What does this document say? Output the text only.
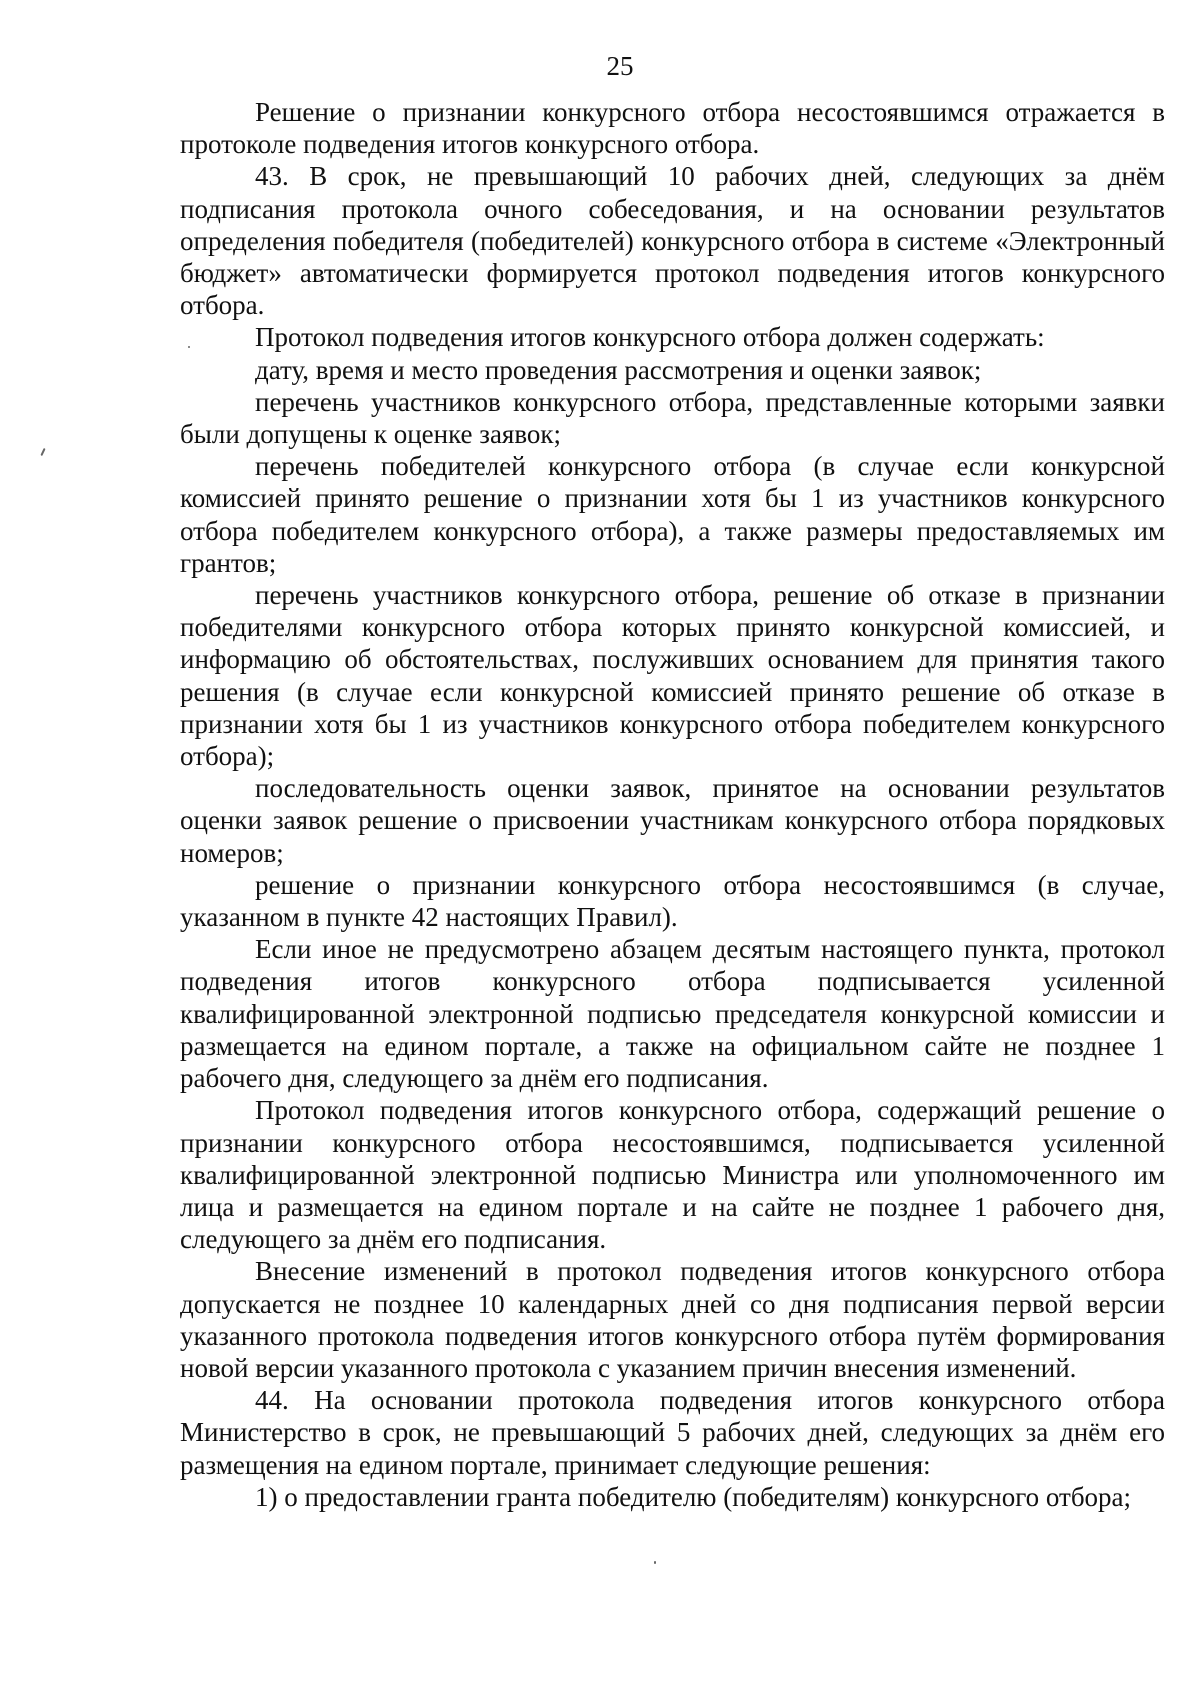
25

Решение о признании конкурсного отбора несостоявшимся отражается в протоколе подведения итогов конкурсного отбора.

43. В срок, не превышающий 10 рабочих дней, следующих за днём подписания протокола очного собеседования, и на основании результатов определения победителя (победителей) конкурсного отбора в системе «Электронный бюджет» автоматически формируется протокол подведения итогов конкурсного отбора.

Протокол подведения итогов конкурсного отбора должен содержать:

дату, время и место проведения рассмотрения и оценки заявок;

перечень участников конкурсного отбора, представленные которыми заявки были допущены к оценке заявок;

перечень победителей конкурсного отбора (в случае если конкурсной комиссией принято решение о признании хотя бы 1 из участников конкурсного отбора победителем конкурсного отбора), а также размеры предоставляемых им грантов;

перечень участников конкурсного отбора, решение об отказе в признании победителями конкурсного отбора которых принято конкурсной комиссией, и информацию об обстоятельствах, послуживших основанием для принятия такого решения (в случае если конкурсной комиссией принято решение об отказе в признании хотя бы 1 из участников конкурсного отбора победителем конкурсного отбора);

последовательность оценки заявок, принятое на основании результатов оценки заявок решение о присвоении участникам конкурсного отбора порядковых номеров;

решение о признании конкурсного отбора несостоявшимся (в случае, указанном в пункте 42 настоящих Правил).

Если иное не предусмотрено абзацем десятым настоящего пункта, протокол подведения итогов конкурсного отбора подписывается усиленной квалифицированной электронной подписью председателя конкурсной комиссии и размещается на едином портале, а также на официальном сайте не позднее 1 рабочего дня, следующего за днём его подписания.

Протокол подведения итогов конкурсного отбора, содержащий решение о признании конкурсного отбора несостоявшимся, подписывается усиленной квалифицированной электронной подписью Министра или уполномоченного им лица и размещается на едином портале и на сайте не позднее 1 рабочего дня, следующего за днём его подписания.

Внесение изменений в протокол подведения итогов конкурсного отбора допускается не позднее 10 календарных дней со дня подписания первой версии указанного протокола подведения итогов конкурсного отбора путём формирования новой версии указанного протокола с указанием причин внесения изменений.

44. На основании протокола подведения итогов конкурсного отбора Министерство в срок, не превышающий 5 рабочих дней, следующих за днём его размещения на едином портале, принимает следующие решения:

1) о предоставлении гранта победителю (победителям) конкурсного отбора;
